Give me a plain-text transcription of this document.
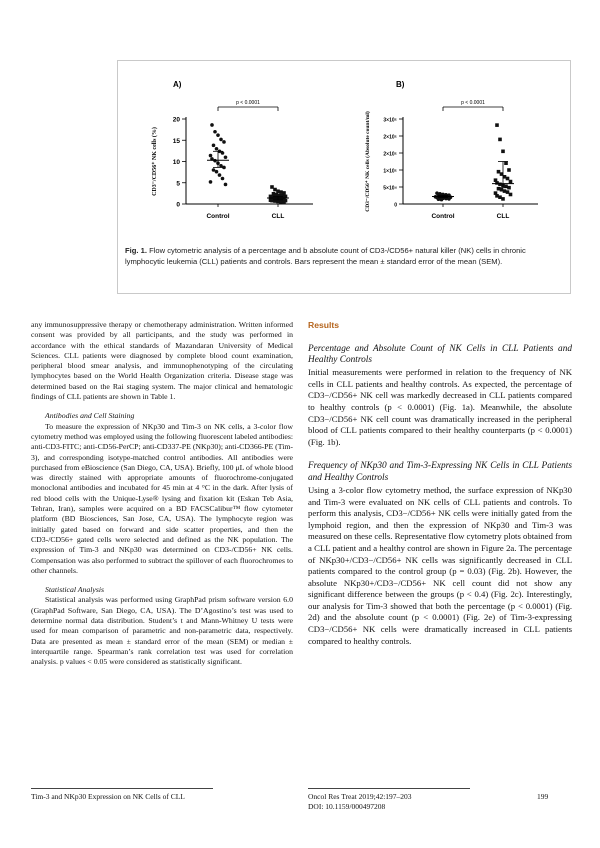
A)
0
5
10
15
20
CD3⁻/CD56⁺ NK cells (%)
Control	CLL
p < 0.0001
B)
0
5×10⁴
1×10⁵
2×10⁵
2×10⁵
3×10⁵
CD3⁻/CD56⁺ NK cells (Absolute count/ml)
Control	CLL
p < 0.0001
Fig. 1. Flow cytometric analysis of a percentage and b absolute count of CD3-/CD56+ natural killer (NK) cells in chronic lymphocytic leukemia (CLL) patients and controls. Bars represent the mean ± standard error of the mean (SEM).

any immunosuppressive therapy or chemotherapy administration. Written informed consent was provided by all participants, and the study was performed in accordance with the ethical standards of Mazandaran University of Medical Sciences. CLL patients were diagnosed by complete blood count examination, peripheral blood smear analysis, and immunophenotyping of the circulating lymphocytes based on the World Health Organization criteria. Disease stage was determined based on the Rai staging system. The major clinical and hematologic findings of CLL patients are shown in Table 1.

Antibodies and Cell Staining

To measure the expression of NKp30 and Tim-3 on NK cells, a 3-color flow cytometry method was employed using the following fluorescent labeled antibodies: anti-CD3-FITC; anti-CD56-PerCP; anti-CD337-PE (NKp30); anti-CD366-PE (Tim-3), and corresponding isotype-matched control antibodies. All antibodies were purchased from eBioscience (San Diego, CA, USA). Briefly, 100 μL of whole blood was directly stained with appropriate amounts of fluorochrome-conjugated monoclonal antibodies and incubated for 45 min at 4 °C in the dark. After lysis of red blood cells with the Unique-Lyse® lysing and fixation kit (Eskan Teb Asia, Tehran, Iran), samples were acquired on a BD FACSCalibur™ flow cytometer platform (BD Biosciences, San Jose, CA, USA). The lymphocyte region was initially gated based on forward and side scatter properties, and then the CD3-/CD56+ gated cells were selected and defined as the NK population. The expression of Tim-3 and NKp30 was determined on CD3-/CD56+ NK cells. Compensation was also performed to subtract the spillover of each fluorochromes to other channels.

Statistical Analysis

Statistical analysis was performed using GraphPad prism software version 6.0 (GraphPad Software, San Diego, CA, USA). The D’Agostino’s test was used to determine normal data distribution. Student’s t and Mann-Whitney U tests were used for mean comparison of parametric and non-parametric data, respectively. Data are presented as mean ± standard error of the mean (SEM) or median ± interquartile range. Spearman’s rank correlation test was used for correlation analysis. p values < 0.05 were considered as statistically significant.

Results

Percentage and Absolute Count of NK Cells in CLL Patients and Healthy Controls

Initial measurements were performed in relation to the frequency of NK cells in CLL patients and healthy controls. As expected, the percentage of CD3−/CD56+ NK cell was markedly decreased in CLL patients compared to healthy controls (p < 0.0001) (Fig. 1a). Meanwhile, the absolute CD3−/CD56+ NK cell count was dramatically increased in the peripheral blood of CLL patients compared to their healthy counterparts (p < 0.0001) (Fig. 1b).

Frequency of NKp30 and Tim-3-Expressing NK Cells in CLL Patients and Healthy Controls

Using a 3-color flow cytometry method, the surface expression of NKp30 and Tim-3 were evaluated on NK cells of CLL patients and controls. To perform this analysis, CD3−/CD56+ NK cells were initially gated from the lymphoid region, and then the expression of NKp30 and Tim-3 was measured on these cells. Representative flow cytometry plots obtained from a CLL patient and a healthy control are shown in Figure 2a. The percentage of NKp30+/CD3−/CD56+ NK cells was significantly decreased in CLL patients compared to the control group (p = 0.03) (Fig. 2b). However, the absolute NKp30+/CD3−/CD56+ NK cell count did not show any significant difference between the groups (p < 0.4) (Fig. 2c). Interestingly, our analysis for Tim-3 showed that both the percentage (p < 0.0001) (Fig. 2d) and the absolute count (p < 0.0001) (Fig. 2e) of Tim-3-expressing CD3−/CD56+ NK cells were dramatically increased in CLL patients compared to healthy controls.

Tim-3 and NKp30 Expression on NK Cells of CLL	Oncol Res Treat 2019;42:197–203
DOI: 10.1159/000497208
199
